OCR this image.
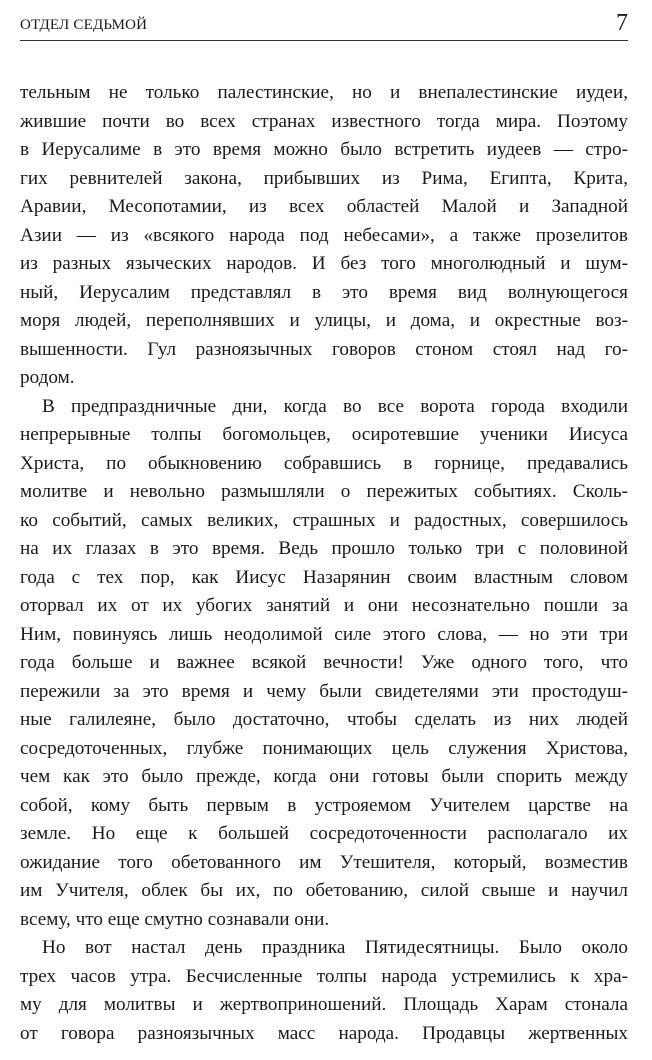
ОТДЕЛ СЕДЬМОЙ	7
тельным не только палестинские, но и внепалестинские иудеи,
жившие почти во всех странах известного тогда мира. Поэтому
в Иерусалиме в это время можно было встретить иудеев — стро-
гих ревнителей закона, прибывших из Рима, Египта, Крита,
Аравии, Месопотамии, из всех областей Малой и Западной
Азии — из «всякого народа под небесами», а также прозелитов
из разных языческих народов. И без того многолюдный и шум-
ный, Иерусалим представлял в это время вид волнующегося
моря людей, переполнявших и улицы, и дома, и окрестные воз-
вышенности. Гул разноязычных говоров стоном стоял над го-
родом.
В предпраздничные дни, когда во все ворота города входили
непрерывные толпы богомольцев, осиротевшие ученики Иисуса
Христа, по обыкновению собравшись в горнице, предавались
молитве и невольно размышляли о пережитых событиях. Сколь-
ко событий, самых великих, страшных и радостных, совершилось
на их глазах в это время. Ведь прошло только три с половиной
года с тех пор, как Иисус Назарянин своим властным словом
оторвал их от их убогих занятий и они несознательно пошли за
Ним, повинуясь лишь неодолимой силе этого слова, — но эти три
года больше и важнее всякой вечности! Уже одного того, что
пережили за это время и чему были свидетелями эти простодуш-
ные галилеяне, было достаточно, чтобы сделать из них людей
сосредоточенных, глубже понимающих цель служения Христова,
чем как это было прежде, когда они готовы были спорить между
собой, кому быть первым в устрояемом Учителем царстве на
земле. Но еще к большей сосредоточенности располагало их
ожидание того обетованного им Утешителя, который, возместив
им Учителя, облек бы их, по обетованию, силой свыше и научил
всему, что еще смутно сознавали они.
Но вот настал день праздника Пятидесятницы. Было около
трех часов утра. Бесчисленные толпы народа устремились к хра-
му для молитвы и жертвоприношений. Площадь Харам стонала
от говора разноязычных масс народа. Продавцы жертвенных
